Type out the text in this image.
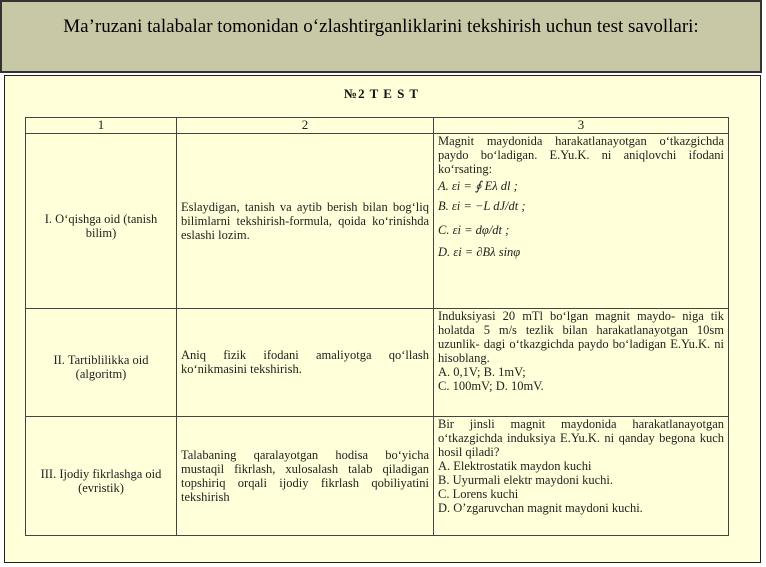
Ma’ruzani talabalar tomonidan o‘zlashtirganliklarini tekshirish uchun test savollari:
№2 T E S T
1	2	3
I. O‘qishga oid (tanish bilim)	Eslaydigan, tanish va aytib berish bilan bog‘liq bilimlarni tekshirish-formula, qoida ko‘rinishda eslashi lozim.	Magnit maydonida harakatlanayotgan o‘tkazgichda paydo bo‘ladigan. E.Yu.K. ni aniqlovchi ifodani ko‘rsating:
A. εi = ∮ Eλ dl ;
B. εi = −L dJ/dt ;
C. εi = dφ/dt ;
D. εi = ∂Bλ sinφ

II. Tartiblilikka oid (algoritm)	Aniq fizik ifodani amaliyotga qo‘llash ko‘nikmasini tekshirish.	Induksiyasi 20 mTl bo‘lgan magnit maydo- niga tik holatda 5 m/s tezlik bilan harakatlanayotgan 10sm uzunlik- dagi o‘tkazgichda paydo bo‘ladigan E.Yu.K. ni hisoblang.
A. 0,1V; B. 1mV;
C. 100mV; D. 10mV.

III. Ijodiy fikrlashga oid (evristik)	Talabaning qaralayotgan hodisa bo‘yicha mustaqil fikrlash, xulosalash talab qiladigan topshiriq orqali ijodiy fikrlash qobiliyatini tekshirish	Bir jinsli magnit maydonida harakatlanayotgan o‘tkazgichda induksiya E.Yu.K. ni qanday begona kuch hosil qiladi?
A. Elektrostatik maydon kuchi
B. Uyurmali elektr maydoni kuchi.
C. Lorens kuchi
D. O’zgaruvchan magnit maydoni kuchi.
